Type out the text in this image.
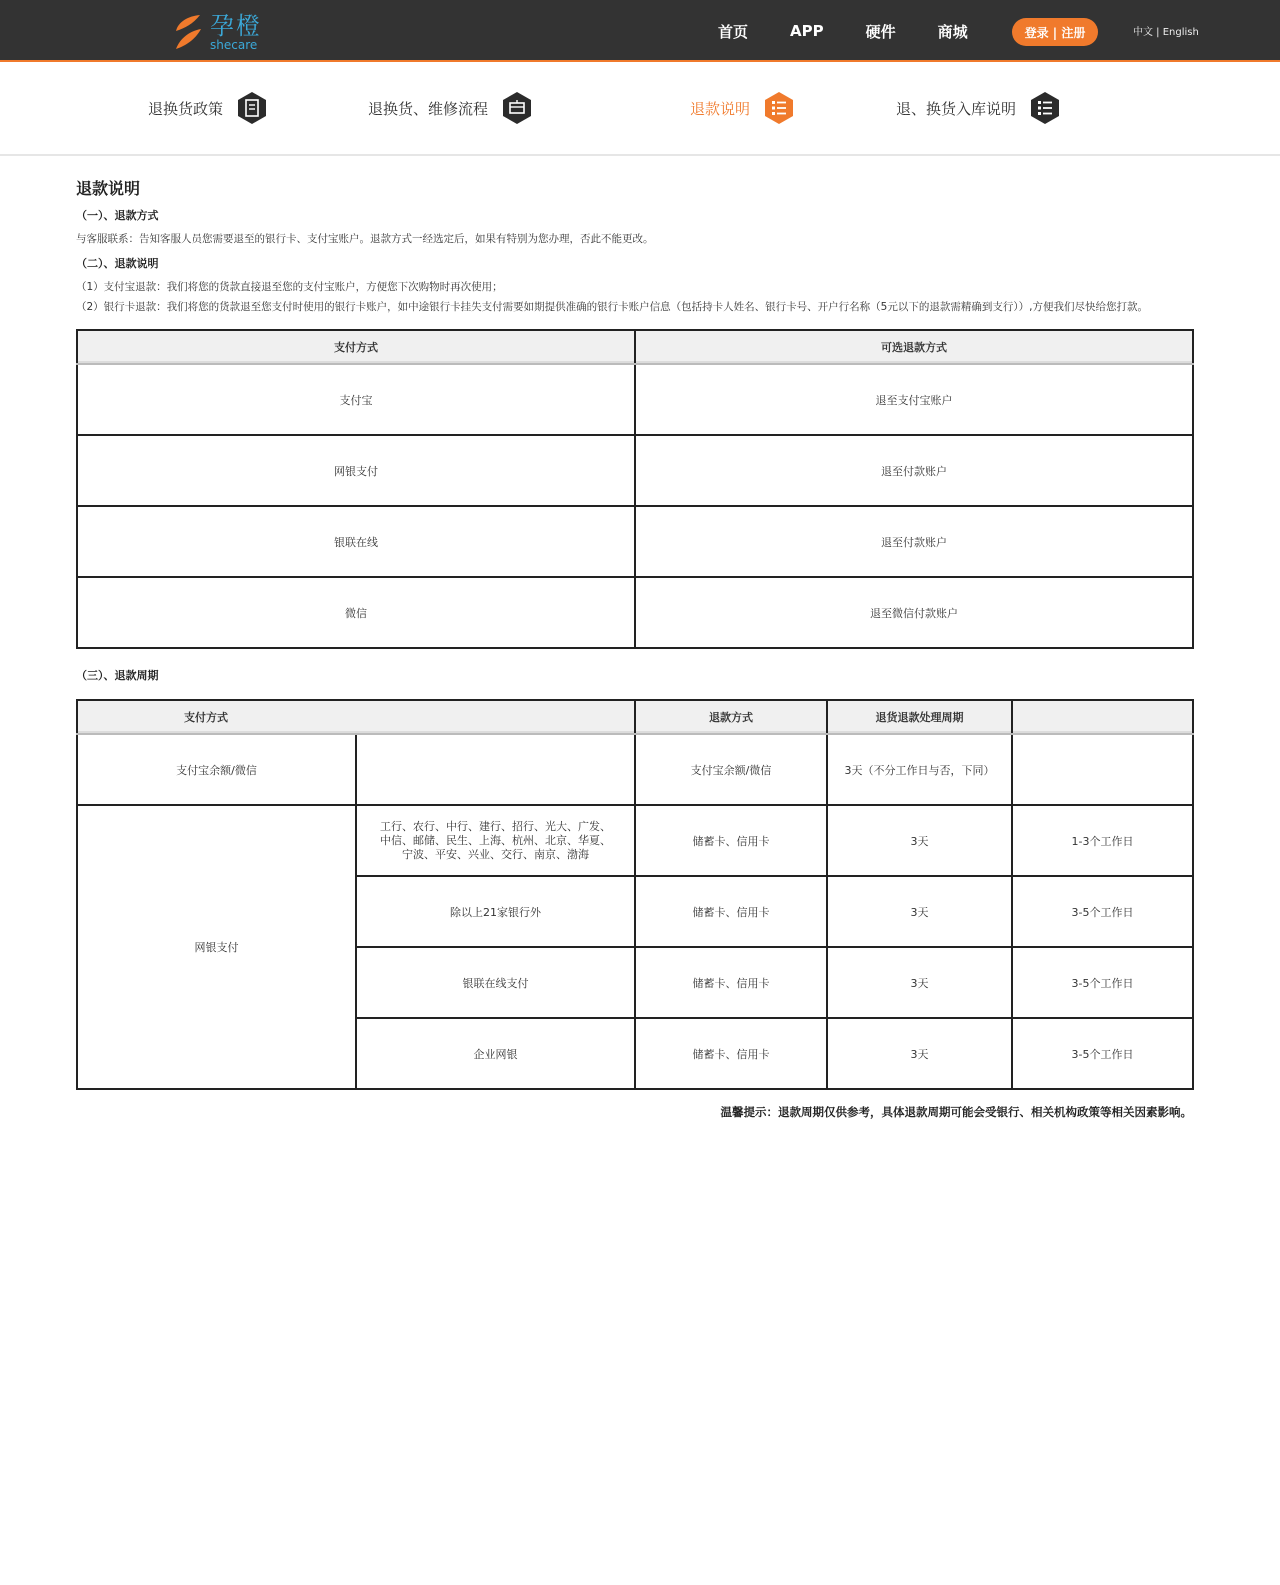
孕橙
shecare
首页	APP	硬件	商城	登录 | 注册	中文 | English
退换货政策	退换货、维修流程	退款说明	退、换货入库说明
退款说明
（一）、退款方式

与客服联系：告知客服人员您需要退至的银行卡、支付宝账户。退款方式一经选定后，如果有特别为您办理，否此不能更改。

（二）、退款说明

（1）支付宝退款：我们将您的货款直接退至您的支付宝账户，方便您下次购物时再次使用；

（2）银行卡退款：我们将您的货款退至您支付时使用的银行卡账户，如中途银行卡挂失支付需要如期提供准确的银行卡账户信息（包括持卡人姓名、银行卡号、开户行名称（5元以下的退款需精确到支行））,方便我们尽快给您打款。

支付方式	可选退款方式
支付宝	退至支付宝账户
网银支付	退至付款账户
银联在线	退至付款账户
微信	退至微信付款账户
（三）、退款周期
支付方式		退款方式	退货退款处理周期	
支付宝余额/微信		支付宝余额/微信	3天（不分工作日与否，下同）	
网银支付	工行、农行、中行、建行、招行、光大、广发、中信、邮储、民生、上海、杭州、北京、华夏、宁波、平安、兴业、交行、南京、渤海	储蓄卡、信用卡	3天	1-3个工作日
	除以上21家银行外	储蓄卡、信用卡	3天	3-5个工作日
	银联在线支付	储蓄卡、信用卡	3天	3-5个工作日
	企业网银	储蓄卡、信用卡	3天	3-5个工作日

温馨提示：退款周期仅供参考，具体退款周期可能会受银行、相关机构政策等相关因素影响。
